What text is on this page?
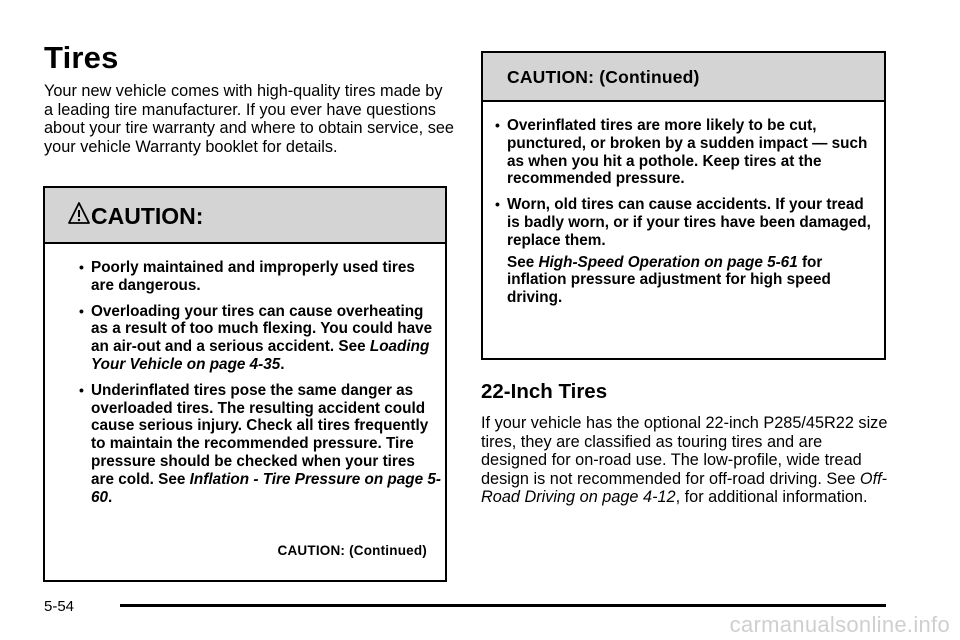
Tires

Your new vehicle comes with high-quality tires made by a leading tire manufacturer. If you ever have questions about your tire warranty and where to obtain service, see your vehicle Warranty booklet for details.

CAUTION:
• Poorly maintained and improperly used tires are dangerous.
• Overloading your tires can cause overheating as a result of too much flexing. You could have an air-out and a serious accident. See Loading Your Vehicle on page 4-35.
• Underinflated tires pose the same danger as overloaded tires. The resulting accident could cause serious injury. Check all tires frequently to maintain the recommended pressure. Tire pressure should be checked when your tires are cold. See Inflation - Tire Pressure on page 5-60.
CAUTION: (Continued)
CAUTION: (Continued)
• Overinflated tires are more likely to be cut, punctured, or broken by a sudden impact — such as when you hit a pothole. Keep tires at the recommended pressure.
• Worn, old tires can cause accidents. If your tread is badly worn, or if your tires have been damaged, replace them.
See High-Speed Operation on page 5-61 for inflation pressure adjustment for high speed driving.
22-Inch Tires

If your vehicle has the optional 22-inch P285/45R22 size tires, they are classified as touring tires and are designed for on-road use. The low-profile, wide tread design is not recommended for off-road driving. See Off-Road Driving on page 4-12, for additional information.

5-54
carmanualsonline.info
